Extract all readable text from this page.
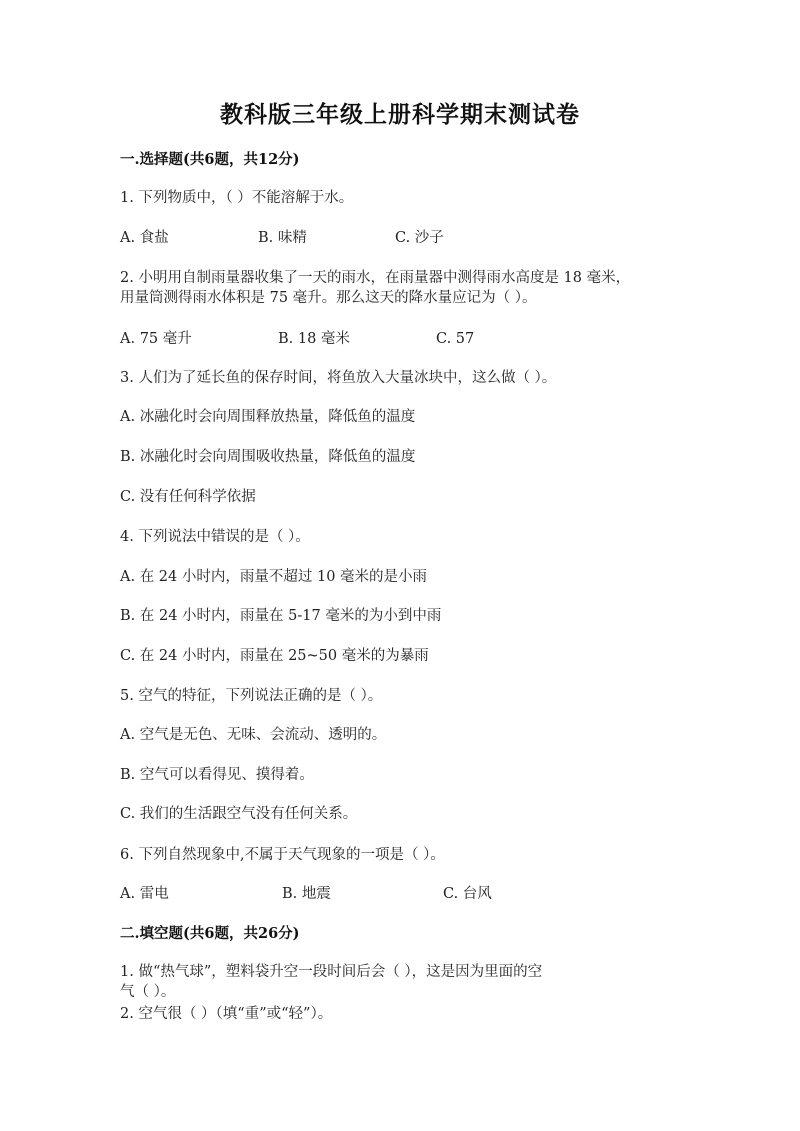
教科版三年级上册科学期末测试卷
一.选择题(共6题，共12分)
1. 下列物质中，（ ）不能溶解于水。
A. 食盐	B. 味精	C. 沙子
2. 小明用自制雨量器收集了一天的雨水，在雨量器中测得雨水高度是 18 毫米，
用量筒测得雨水体积是 75 毫升。那么这天的降水量应记为（ ）。
A. 75 毫升	B. 18 毫米	C. 57
3. 人们为了延长鱼的保存时间，将鱼放入大量冰块中，这么做（ ）。
A. 冰融化时会向周围释放热量，降低鱼的温度
B. 冰融化时会向周围吸收热量，降低鱼的温度
C. 没有任何科学依据
4. 下列说法中错误的是（ ）。
A. 在 24 小时内，雨量不超过 10 毫米的是小雨
B. 在 24 小时内，雨量在 5-17 毫米的为小到中雨
C. 在 24 小时内，雨量在 25~50 毫米的为暴雨
5. 空气的特征，下列说法正确的是（ ）。
A. 空气是无色、无味、会流动、透明的。
B. 空气可以看得见、摸得着。
C. 我们的生活跟空气没有任何关系。
6. 下列自然现象中,不属于天气现象的一项是（ ）。
A. 雷电	B. 地震	C. 台风
二.填空题(共6题，共26分)
1. 做“热气球”，塑料袋升空一段时间后会（ ），这是因为里面的空
气（ ）。
2. 空气很（ ）（填“重”或“轻”）。
